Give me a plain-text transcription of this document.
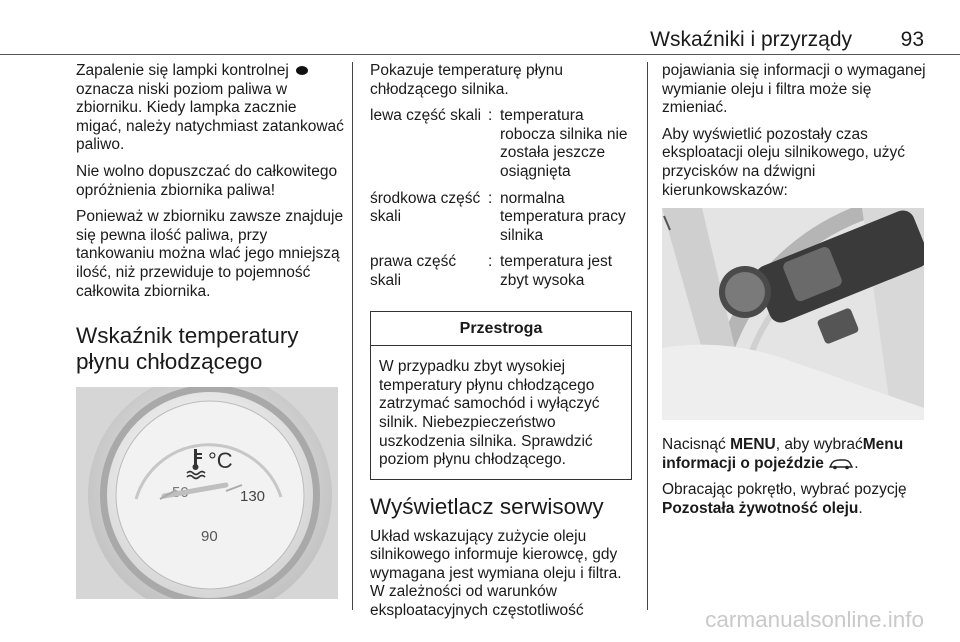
Wskaźniki i przyrządy 93

Zapalenie się lampki kontrolnej
oznacza niski poziom paliwa w zbiorniku. Kiedy lampka zacznie migać, należy natychmiast zatankować paliwo.

Nie wolno dopuszczać do całkowitego opróżnienia zbiornika paliwa!

Ponieważ w zbiorniku zawsze znajduje się pewna ilość paliwa, przy tankowaniu można wlać jego mniejszą ilość, niż przewiduje to pojemność całkowita zbiornika.

Wskaźnik temperatury płynu chłodzącego
°C
130
90

Pokazuje temperaturę płynu chłodzącego silnika.

lewa część skali : temperatura robocza silnika nie została jeszcze osiągnięta
środkowa część skali
: normalna temperatura pracy silnika
prawa część skali
: temperatura jest zbyt wysoka
Przestroga
W przypadku zbyt wysokiej temperatury płynu chłodzącego zatrzymać samochód i wyłączyć silnik. Niebezpieczeństwo uszkodzenia silnika. Sprawdzić poziom płynu chłodzącego.
Wyświetlacz serwisowy

Układ wskazujący zużycie oleju silnikowego informuje kierowcę, gdy wymagana jest wymiana oleju i filtra. W zależności od warunków eksploatacyjnych częstotliwość

pojawiania się informacji o wymaganej wymianie oleju i filtra może się zmieniać.

Aby wyświetlić pozostały czas eksploatacji oleju silnikowego, użyć przycisków na dźwigni kierunkowskazów:

Nacisnąć MENU, aby wybraćMenu informacji o pojeździe .

Obracając pokrętło, wybrać pozycję Pozostała żywotność oleju.

carmanualsonline.info
